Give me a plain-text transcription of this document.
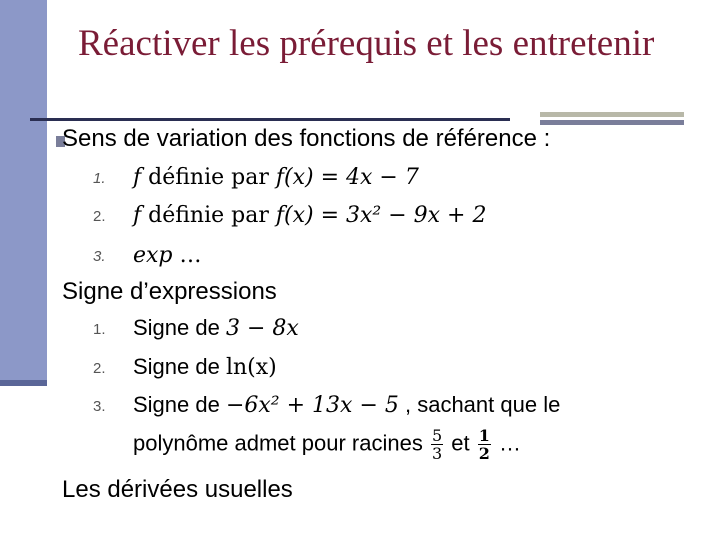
Réactiver les prérequis et les entretenir
Sens de variation des fonctions de référence :
1. f définie par f(x) = 4x − 7
2. f définie par f(x) = 3x² − 9x + 2
3. exp …
Signe d’expressions
1. Signe de 3 − 8x
2. Signe de ln(x)
3. Signe de −6x² + 13x − 5 , sachant que le
polynôme admet pour racines $\frac{5}{3}$ et $\frac{1}{2}$ …
Les dérivées usuelles
